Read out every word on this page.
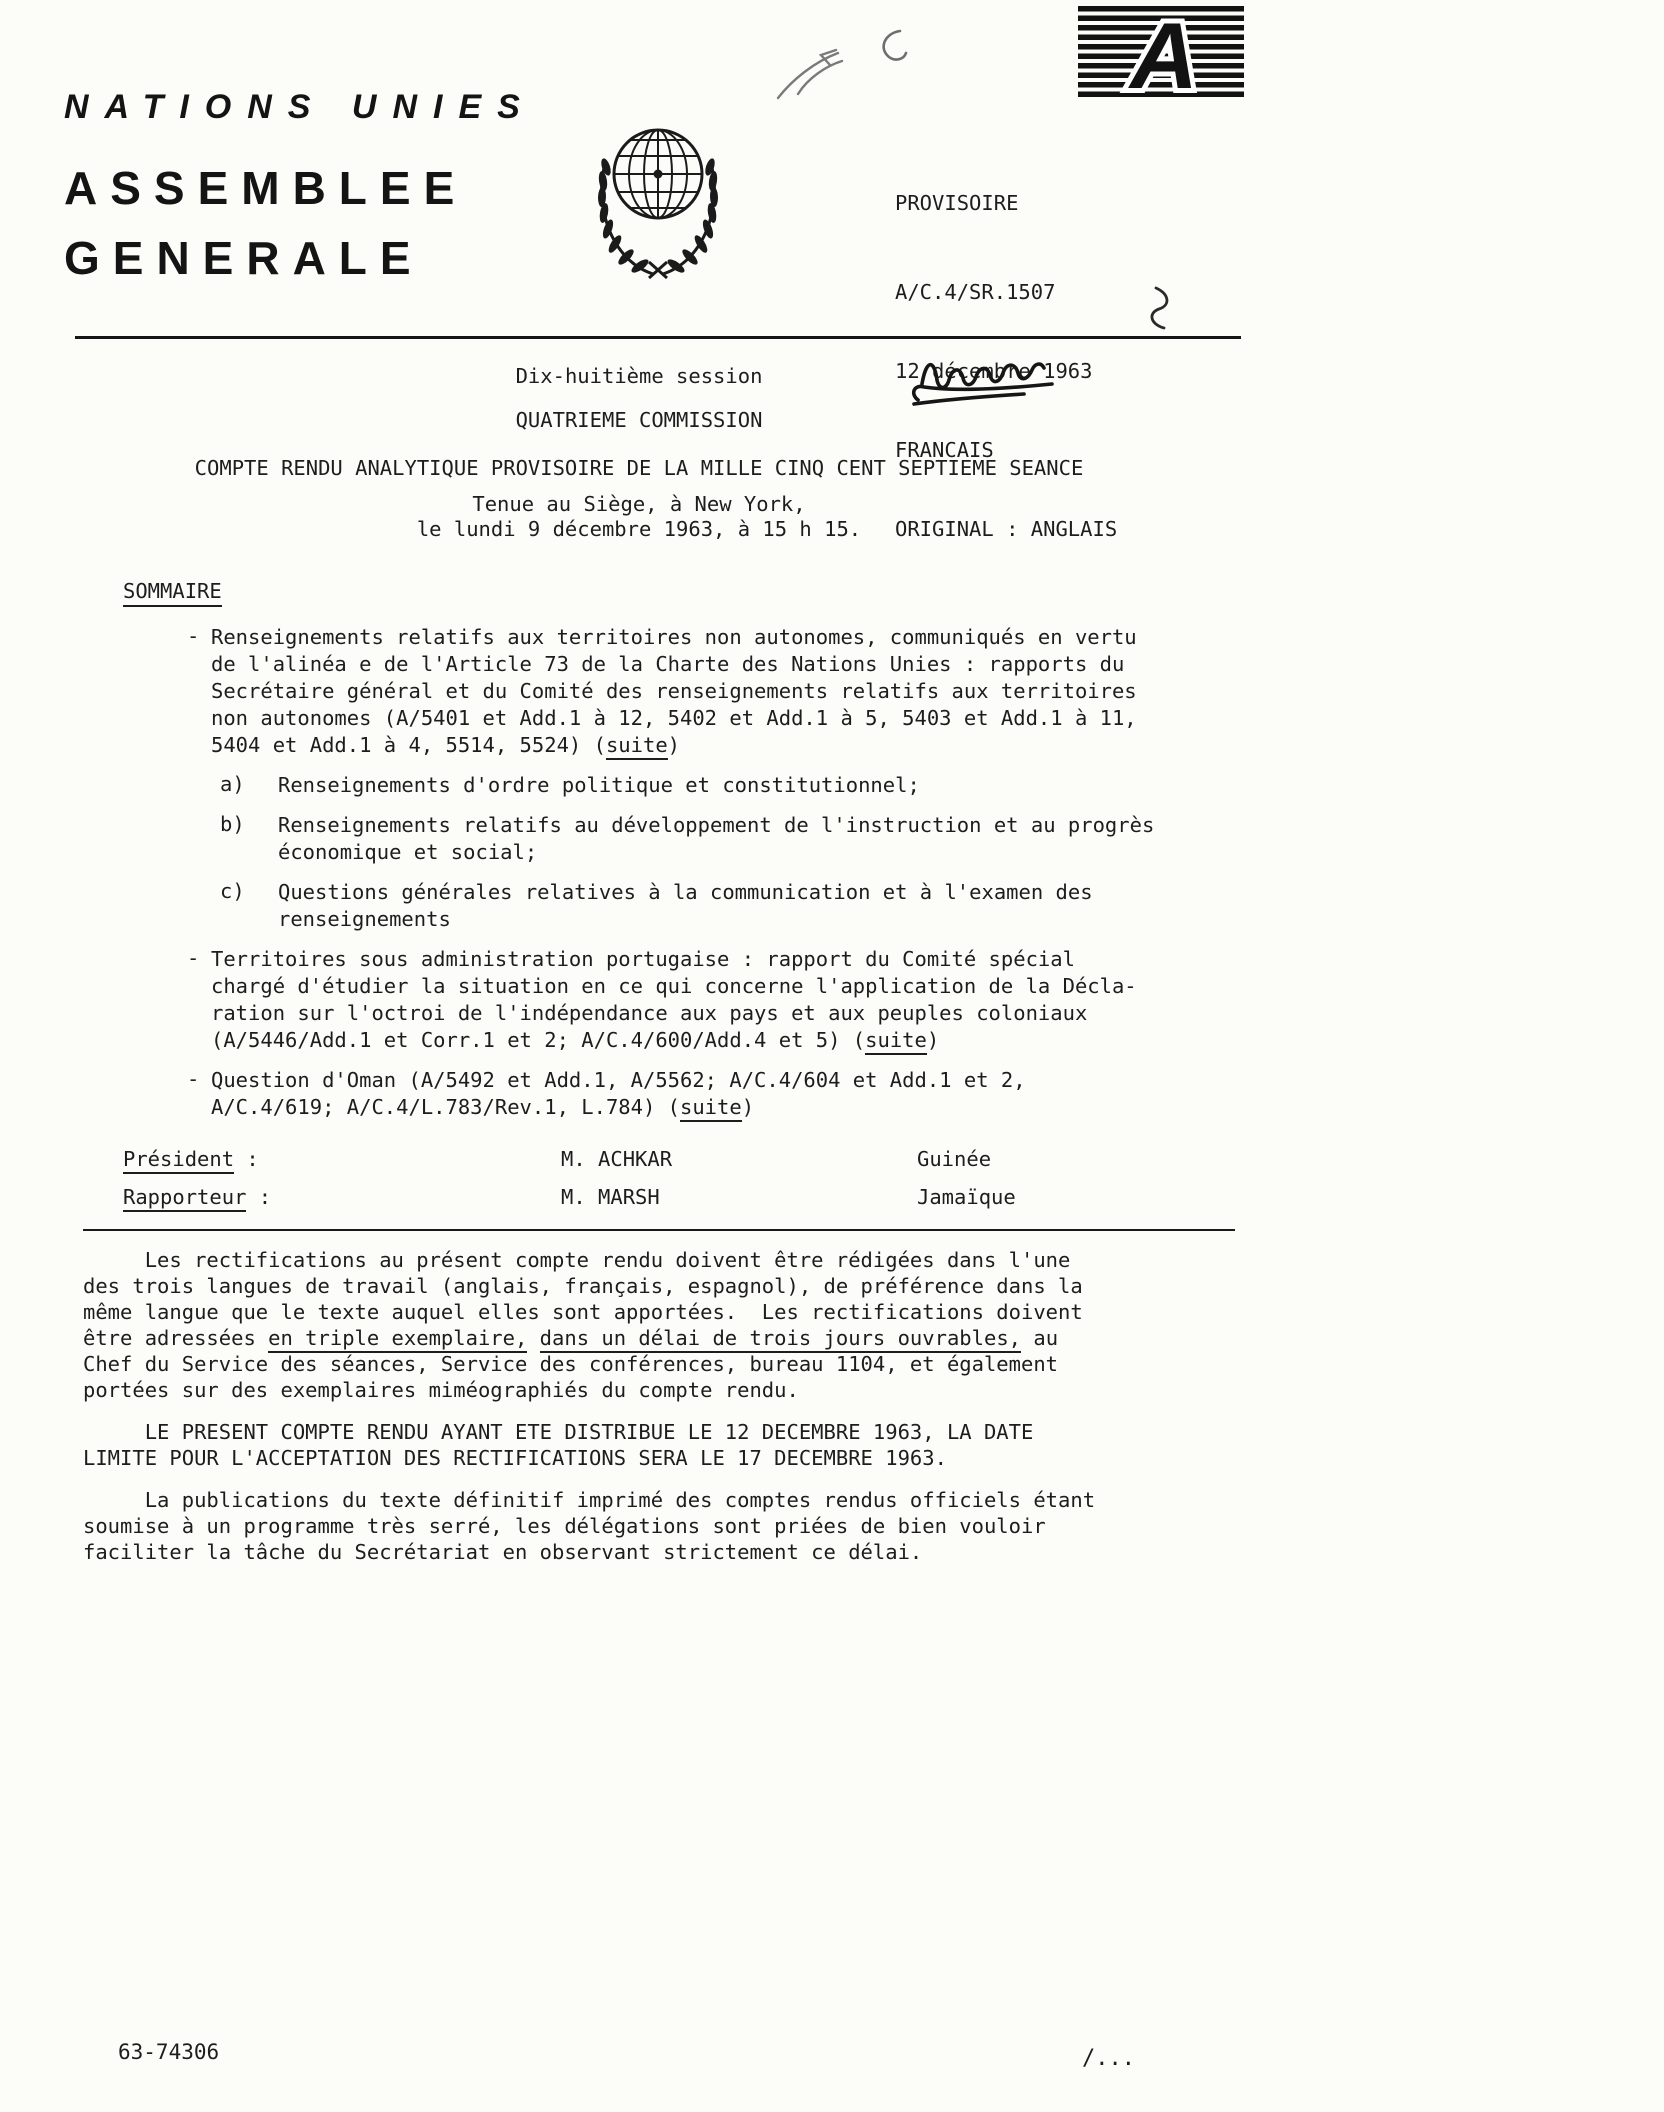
NATIONS UNIES
ASSEMBLEE
GENERALE
A

PROVISOIRE

A/C.4/SR.1507

12 décembre 1963

FRANCAIS

ORIGINAL : ANGLAIS

Dix-huitième session
QUATRIEME COMMISSION
COMPTE RENDU ANALYTIQUE PROVISOIRE DE LA MILLE CINQ CENT SEPTIEME SEANCE
Tenue au Siège, à New York,
le lundi 9 décembre 1963, à 15 h 15.
SOMMAIRE
- Renseignements relatifs aux territoires non autonomes, communiqués en vertu
de l'alinéa e de l'Article 73 de la Charte des Nations Unies : rapports du
Secrétaire général et du Comité des renseignements relatifs aux territoires
non autonomes (A/5401 et Add.1 à 12, 5402 et Add.1 à 5, 5403 et Add.1 à 11,
5404 et Add.1 à 4, 5514, 5524) (suite)
a)	Renseignements d'ordre politique et constitutionnel;
b)	Renseignements relatifs au développement de l'instruction et au progrès
économique et social;
c)	Questions générales relatives à la communication et à l'examen des
renseignements
- Territoires sous administration portugaise : rapport du Comité spécial
chargé d'étudier la situation en ce qui concerne l'application de la Décla-
ration sur l'octroi de l'indépendance aux pays et aux peuples coloniaux
(A/5446/Add.1 et Corr.1 et 2; A/C.4/600/Add.4 et 5) (suite)
- Question d'Oman (A/5492 et Add.1, A/5562; A/C.4/604 et Add.1 et 2,
A/C.4/619; A/C.4/L.783/Rev.1, L.784) (suite)
Président :	M. ACHKAR	Guinée
Rapporteur :	M. MARSH	Jamaïque
Les rectifications au présent compte rendu doivent être rédigées dans l'une
des trois langues de travail (anglais, français, espagnol), de préférence dans la
même langue que le texte auquel elles sont apportées.  Les rectifications doivent
être adressées en triple exemplaire, dans un délai de trois jours ouvrables, au
Chef du Service des séances, Service des conférences, bureau 1104, et également
portées sur des exemplaires miméographiés du compte rendu.
LE PRESENT COMPTE RENDU AYANT ETE DISTRIBUE LE 12 DECEMBRE 1963, LA DATE
LIMITE POUR L'ACCEPTATION DES RECTIFICATIONS SERA LE 17 DECEMBRE 1963.
La publications du texte définitif imprimé des comptes rendus officiels étant
soumise à un programme très serré, les délégations sont priées de bien vouloir
faciliter la tâche du Secrétariat en observant strictement ce délai.
63-74306	/...
